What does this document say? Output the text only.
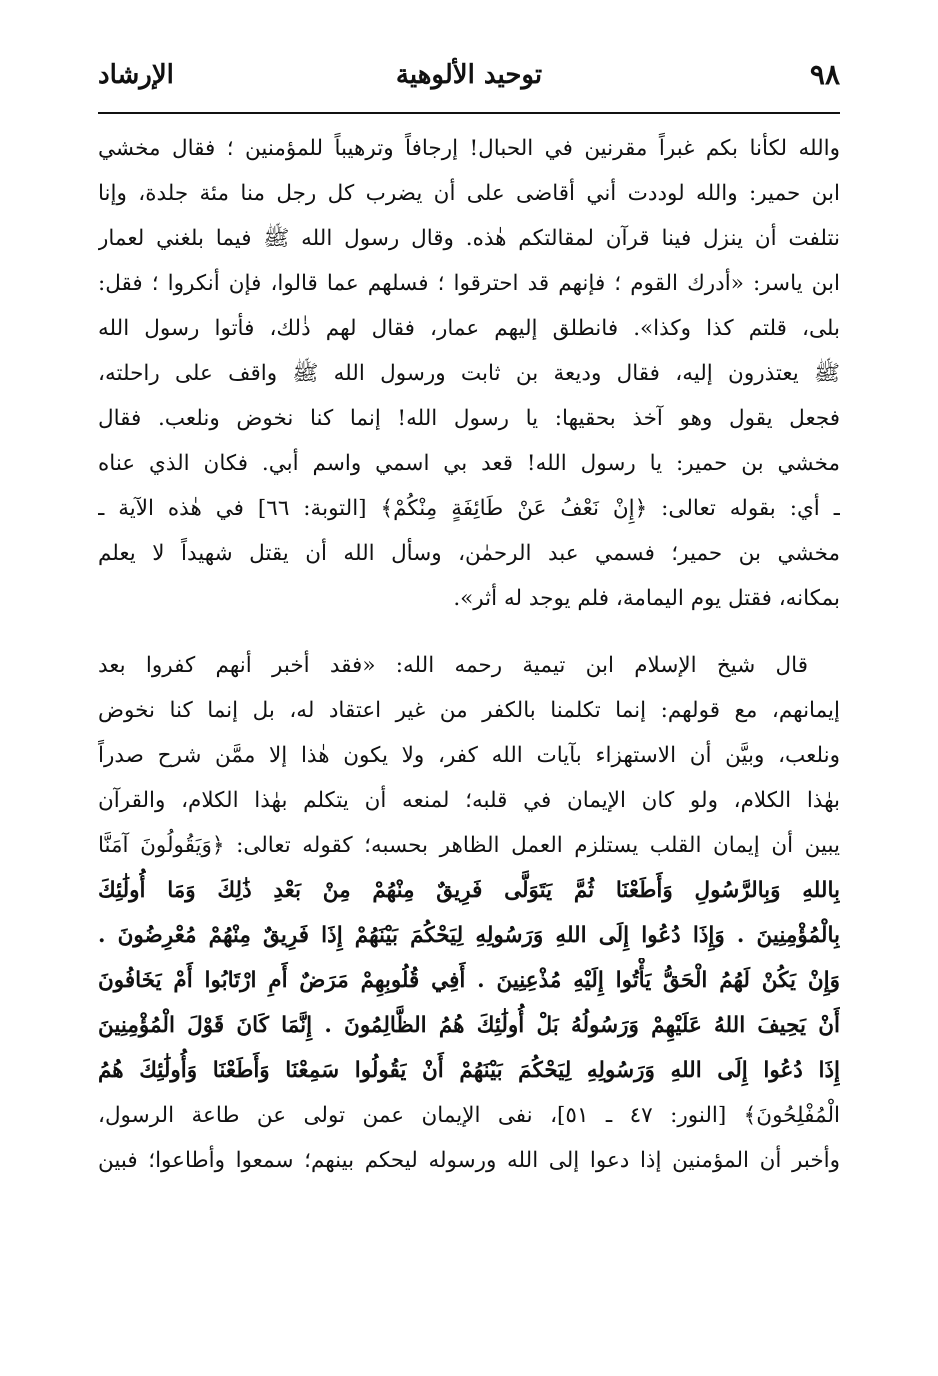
الإرشاد	توحيد الألوهية	٩٨
والله لكأنا بكم غبراً مقرنين في الحبال! إرجافاً وترهيباً للمؤمنين ؛ فقال مخشي
ابن حمير: والله لوددت أني أقاضى على أن يضرب كل رجل منا مئة جلدة، وإنا
نتلفت أن ينزل فينا قرآن لمقالتكم هٰذه. وقال رسول الله ﷺ فيما بلغني لعمار
ابن ياسر: «أدرك القوم ؛ فإنهم قد احترقوا ؛ فسلهم عما قالوا، فإن أنكروا ؛ فقل:
بلى، قلتم كذا وكذا». فانطلق إليهم عمار، فقال لهم ذٰلك، فأتوا رسول الله
ﷺ يعتذرون إليه، فقال وديعة بن ثابت ورسول الله ﷺ واقف على راحلته،
فجعل يقول وهو آخذ بحقيها: يا رسول الله! إنما كنا نخوض ونلعب. فقال
مخشي بن حمير: يا رسول الله! قعد بي اسمي واسم أبي. فكان الذي عناه
ـ أي: بقوله تعالى: ﴿إِنْ نَعْفُ عَنْ طَائِفَةٍ مِنْكُمْ﴾ [التوبة: ٦٦] في هٰذه الآية ـ
مخشي بن حمير؛ فسمي عبد الرحمٰن، وسأل الله أن يقتل شهيداً لا يعلم
بمكانه، فقتل يوم اليمامة، فلم يوجد له أثر».
قال شيخ الإسلام ابن تيمية رحمه الله: «فقد أخبر أنهم كفروا بعد
إيمانهم، مع قولهم: إنما تكلمنا بالكفر من غير اعتقاد له، بل إنما كنا نخوض
ونلعب، وبيَّن أن الاستهزاء بآيات الله كفر، ولا يكون هٰذا إلا ممَّن شرح صدراً
بهٰذا الكلام، ولو كان الإيمان في قلبه؛ لمنعه أن يتكلم بهٰذا الكلام، والقرآن
يبين أن إيمان القلب يستلزم العمل الظاهر بحسبه؛ كقوله تعالى: ﴿وَيَقُولُونَ آمَنَّا
بِاللهِ وَبِالرَّسُولِ وَأَطَعْنَا ثُمَّ يَتَوَلَّى فَرِيقٌ مِنْهُمْ مِنْ بَعْدِ ذَٰلِكَ وَمَا أُولَٰئِكَ
بِالْمُؤْمِنِينَ . وَإِذَا دُعُوا إِلَى اللهِ وَرَسُولِهِ لِيَحْكُمَ بَيْنَهُمْ إِذَا فَرِيقٌ مِنْهُمْ مُعْرِضُونَ .
وَإِنْ يَكُنْ لَهُمُ الْحَقُّ يَأْتُوا إِلَيْهِ مُذْعِنِينَ . أَفِي قُلُوبِهِمْ مَرَضٌ أَمِ ارْتَابُوا أَمْ يَخَافُونَ
أَنْ يَحِيفَ اللهُ عَلَيْهِمْ وَرَسُولُهُ بَلْ أُولَٰئِكَ هُمُ الظَّالِمُونَ . إِنَّمَا كَانَ قَوْلَ الْمُؤْمِنِينَ
إِذَا دُعُوا إِلَى اللهِ وَرَسُولِهِ لِيَحْكُمَ بَيْنَهُمْ أَنْ يَقُولُوا سَمِعْنَا وَأَطَعْنَا وَأُولَٰئِكَ هُمُ
الْمُفْلِحُونَ﴾ [النور: ٤٧ ـ ٥١]، نفى الإيمان عمن تولى عن طاعة الرسول،
وأخبر أن المؤمنين إذا دعوا إلى الله ورسوله ليحكم بينهم؛ سمعوا وأطاعوا؛ فبين
